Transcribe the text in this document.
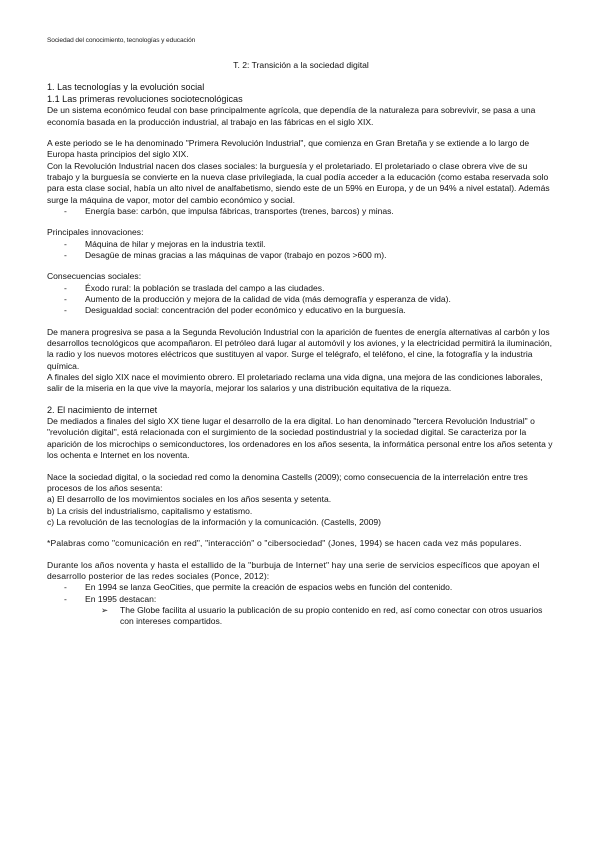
Sociedad del conocimiento, tecnologías y educación
T. 2: Transición a la sociedad digital
1. Las tecnologías y la evolución social
1.1 Las primeras revoluciones sociotecnológicas

De un sistema económico feudal con base principalmente agrícola, que dependía de la naturaleza para sobrevivir, se pasa a una economía basada en la producción industrial, al trabajo en las fábricas en el siglo XIX.

A este periodo se le ha denominado "Primera Revolución Industrial", que comienza en Gran Bretaña y se extiende a lo largo de Europa hasta principios del siglo XIX.

Con la Revolución Industrial nacen dos clases sociales: la burguesía y el proletariado. El proletariado o clase obrera vive de su trabajo y la burguesía se convierte en la nueva clase privilegiada, la cual podía acceder a la educación (como estaba reservada solo para esta clase social, había un alto nivel de analfabetismo, siendo este de un 59% en Europa, y de un 94% a nivel estatal). Además surge la máquina de vapor, motor del cambio económico y social.

- Energía base: carbón, que impulsa fábricas, transportes (trenes, barcos) y minas.

Principales innovaciones:

- Máquina de hilar y mejoras en la industria textil.
- Desagüe de minas gracias a las máquinas de vapor (trabajo en pozos >600 m).

Consecuencias sociales:

- Éxodo rural: la población se traslada del campo a las ciudades.
- Aumento de la producción y mejora de la calidad de vida (más demografía y esperanza de vida).
- Desigualdad social: concentración del poder económico y educativo en la burguesía.

De manera progresiva se pasa a la Segunda Revolución Industrial con la aparición de fuentes de energía alternativas al carbón y los desarrollos tecnológicos que acompañaron. El petróleo dará lugar al automóvil y los aviones, y la electricidad permitirá la iluminación, la radio y los nuevos motores eléctricos que sustituyen al vapor. Surge el telégrafo, el teléfono, el cine, la fotografía y la industria química.

A finales del siglo XIX nace el movimiento obrero. El proletariado reclama una vida digna, una mejora de las condiciones laborales, salir de la miseria en la que vive la mayoría, mejorar los salarios y una distribución equitativa de la riqueza.

2. El nacimiento de internet

De mediados a finales del siglo XX tiene lugar el desarrollo de la era digital. Lo han denominado "tercera Revolución Industrial" o "revolución digital", está relacionada con el surgimiento de la sociedad postindustrial y la sociedad digital. Se caracteriza por la aparición de los microchips o semiconductores, los ordenadores en los años sesenta, la informática personal entre los años setenta y los ochenta e Internet en los noventa.

Nace la sociedad digital, o la sociedad red como la denomina Castells (2009); como consecuencia de la interrelación entre tres procesos de los años sesenta:

a) El desarrollo de los movimientos sociales en los años sesenta y setenta.

b) La crisis del industrialismo, capitalismo y estatismo.

c) La revolución de las tecnologías de la información y la comunicación. (Castells, 2009)

*Palabras como "comunicación en red", "interacción" o "cibersociedad" (Jones, 1994) se hacen cada vez más populares.

Durante los años noventa y hasta el estallido de la "burbuja de Internet" hay una serie de servicios específicos que apoyan el desarrollo posterior de las redes sociales (Ponce, 2012):

- En 1994 se lanza GeoCities, que permite la creación de espacios webs en función del contenido.
- En 1995 destacan:
➢ The Globe facilita al usuario la publicación de su propio contenido en red, así como conectar con otros usuarios con intereses compartidos.
